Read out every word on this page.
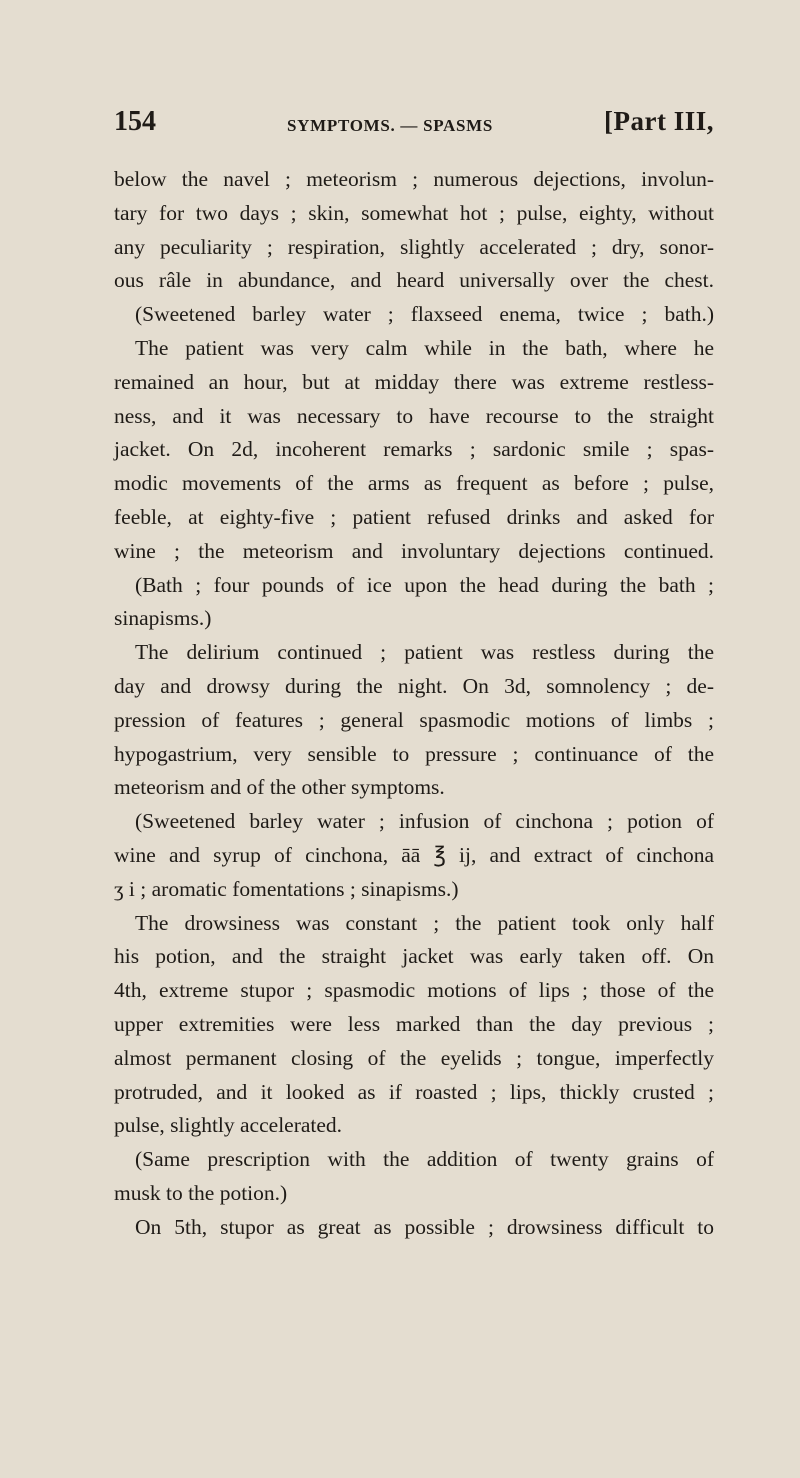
154	SYMPTOMS. — SPASMS	[Part III,
below the navel ; meteorism ; numerous dejections, involun-
tary for two days ; skin, somewhat hot ; pulse, eighty, without
any peculiarity ; respiration, slightly accelerated ; dry, sonor-
ous râle in abundance, and heard universally over the chest.
(Sweetened barley water ; flaxseed enema, twice ; bath.)
The patient was very calm while in the bath, where he
remained an hour, but at midday there was extreme restless-
ness, and it was necessary to have recourse to the straight
jacket. On 2d, incoherent remarks ; sardonic smile ; spas-
modic movements of the arms as frequent as before ; pulse,
feeble, at eighty-five ; patient refused drinks and asked for
wine ; the meteorism and involuntary dejections continued.
(Bath ; four pounds of ice upon the head during the bath ;
sinapisms.)
The delirium continued ; patient was restless during the
day and drowsy during the night. On 3d, somnolency ; de-
pression of features ; general spasmodic motions of limbs ;
hypogastrium, very sensible to pressure ; continuance of the
meteorism and of the other symptoms.
(Sweetened barley water ; infusion of cinchona ; potion of
wine and syrup of cinchona, āā ℥ ij, and extract of cinchona
ʒ i ; aromatic fomentations ; sinapisms.)
The drowsiness was constant ; the patient took only half
his potion, and the straight jacket was early taken off. On
4th, extreme stupor ; spasmodic motions of lips ; those of the
upper extremities were less marked than the day previous ;
almost permanent closing of the eyelids ; tongue, imperfectly
protruded, and it looked as if roasted ; lips, thickly crusted ;
pulse, slightly accelerated.
(Same prescription with the addition of twenty grains of
musk to the potion.)
On 5th, stupor as great as possible ; drowsiness difficult to
